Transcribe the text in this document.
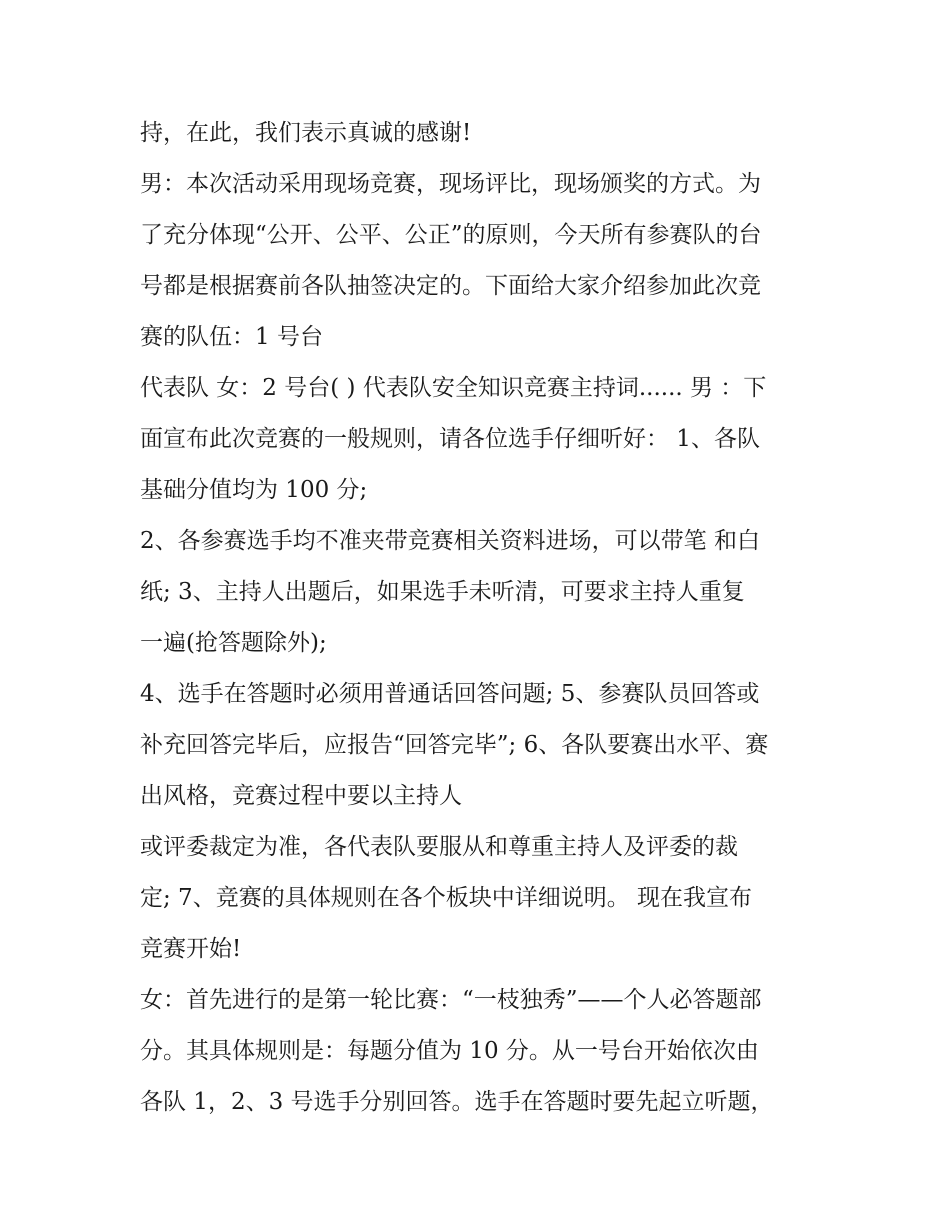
持，在此，我们表示真诚的感谢!
男：本次活动采用现场竞赛，现场评比，现场颁奖的方式。为
了充分体现“公开、公平、公正”的原则，今天所有参赛队的台
号都是根据赛前各队抽签决定的。下面给大家介绍参加此次竞
赛的队伍：1 号台
代表队 女：2 号台( ) 代表队安全知识竞赛主持词...... 男 ：下
面宣布此次竞赛的一般规则，请各位选手仔细听好： 1、各队
基础分值均为 100 分;
2、各参赛选手均不准夹带竞赛相关资料进场，可以带笔 和白
纸; 3、主持人出题后，如果选手未听清，可要求主持人重复
一遍(抢答题除外);
4、选手在答题时必须用普通话回答问题; 5、参赛队员回答或
补充回答完毕后，应报告“回答完毕”; 6、各队要赛出水平、赛
出风格，竞赛过程中要以主持人
或评委裁定为准，各代表队要服从和尊重主持人及评委的裁
定; 7、竞赛的具体规则在各个板块中详细说明。 现在我宣布
竞赛开始!
女：首先进行的是第一轮比赛：“一枝独秀”——个人必答题部
分。其具体规则是：每题分值为 10 分。从一号台开始依次由
各队 1，2、3 号选手分别回答。选手在答题时要先起立听题，
